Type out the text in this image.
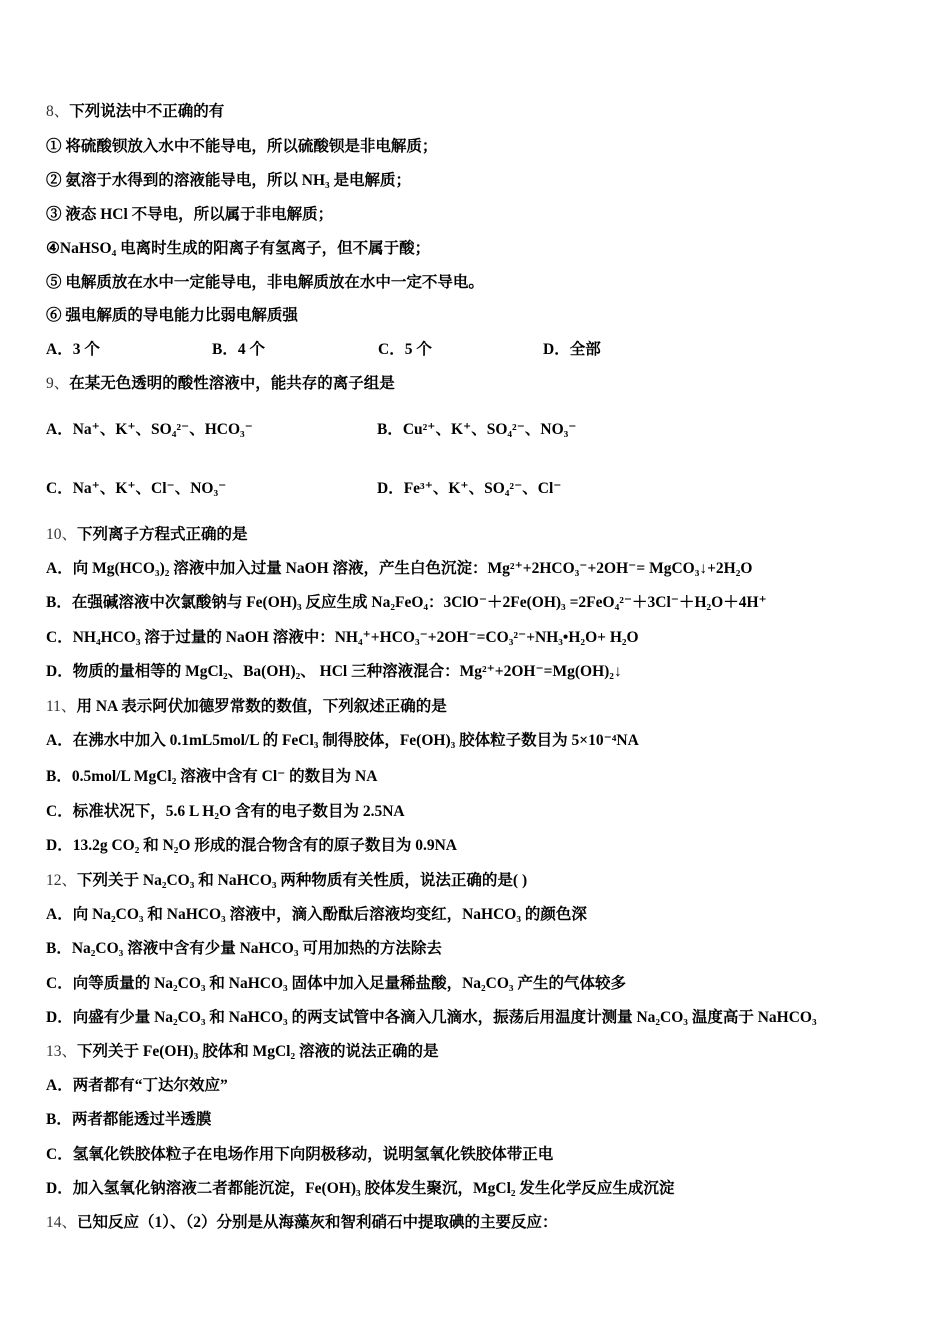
8、下列说法中不正确的有
① 将硫酸钡放入水中不能导电，所以硫酸钡是非电解质；
② 氨溶于水得到的溶液能导电，所以 NH₃ 是电解质；
③ 液态 HCl 不导电，所以属于非电解质；
④NaHSO₄ 电离时生成的阳离子有氢离子，但不属于酸；
⑤ 电解质放在水中一定能导电，非电解质放在水中一定不导电。
⑥ 强电解质的导电能力比弱电解质强
A．3 个	B．4 个	C．5 个	D．全部
9、在某无色透明的酸性溶液中，能共存的离子组是
A．Na⁺、K⁺、SO₄²⁻、HCO₃⁻	B．Cu²⁺、K⁺、SO₄²⁻、NO₃⁻
C．Na⁺、K⁺、Cl⁻、NO₃⁻	D．Fe³⁺、K⁺、SO₄²⁻、Cl⁻
10、下列离子方程式正确的是
A．向 Mg(HCO₃)₂ 溶液中加入过量 NaOH 溶液，产生白色沉淀：Mg²⁺+2HCO₃⁻+2OH⁻= MgCO₃↓+2H₂O
B．在强碱溶液中次氯酸钠与 Fe(OH)₃ 反应生成 Na₂FeO₄：3ClO⁻＋2Fe(OH)₃ =2FeO₄²⁻＋3Cl⁻＋H₂O＋4H⁺
C．NH₄HCO₃ 溶于过量的 NaOH 溶液中：NH₄⁺+HCO₃⁻+2OH⁻=CO₃²⁻+NH₃•H₂O+ H₂O
D．物质的量相等的 MgCl₂、Ba(OH)₂、 HCl 三种溶液混合：Mg²⁺+2OH⁻=Mg(OH)₂↓
11、用 NA 表示阿伏加德罗常数的数值，下列叙述正确的是
A．在沸水中加入 0.1mL5mol/L 的 FeCl₃ 制得胶体，Fe(OH)₃ 胶体粒子数目为 5×10⁻⁴NA
B．0.5mol/L MgCl₂ 溶液中含有 Cl⁻ 的数目为 NA
C．标准状况下，5.6 L H₂O 含有的电子数目为 2.5NA
D．13.2g CO₂ 和 N₂O 形成的混合物含有的原子数目为 0.9NA
12、下列关于 Na₂CO₃ 和 NaHCO₃ 两种物质有关性质，说法正确的是( )
A．向 Na₂CO₃ 和 NaHCO₃ 溶液中，滴入酚酞后溶液均变红，NaHCO₃ 的颜色深
B．Na₂CO₃ 溶液中含有少量 NaHCO₃ 可用加热的方法除去
C．向等质量的 Na₂CO₃ 和 NaHCO₃ 固体中加入足量稀盐酸，Na₂CO₃ 产生的气体较多
D．向盛有少量 Na₂CO₃ 和 NaHCO₃ 的两支试管中各滴入几滴水，振荡后用温度计测量 Na₂CO₃ 温度高于 NaHCO₃
13、下列关于 Fe(OH)₃ 胶体和 MgCl₂ 溶液的说法正确的是
A．两者都有“丁达尔效应”
B．两者都能透过半透膜
C．氢氧化铁胶体粒子在电场作用下向阴极移动，说明氢氧化铁胶体带正电
D．加入氢氧化钠溶液二者都能沉淀，Fe(OH)₃ 胶体发生聚沉，MgCl₂ 发生化学反应生成沉淀
14、已知反应（1）、（2）分别是从海藻灰和智利硝石中提取碘的主要反应：
